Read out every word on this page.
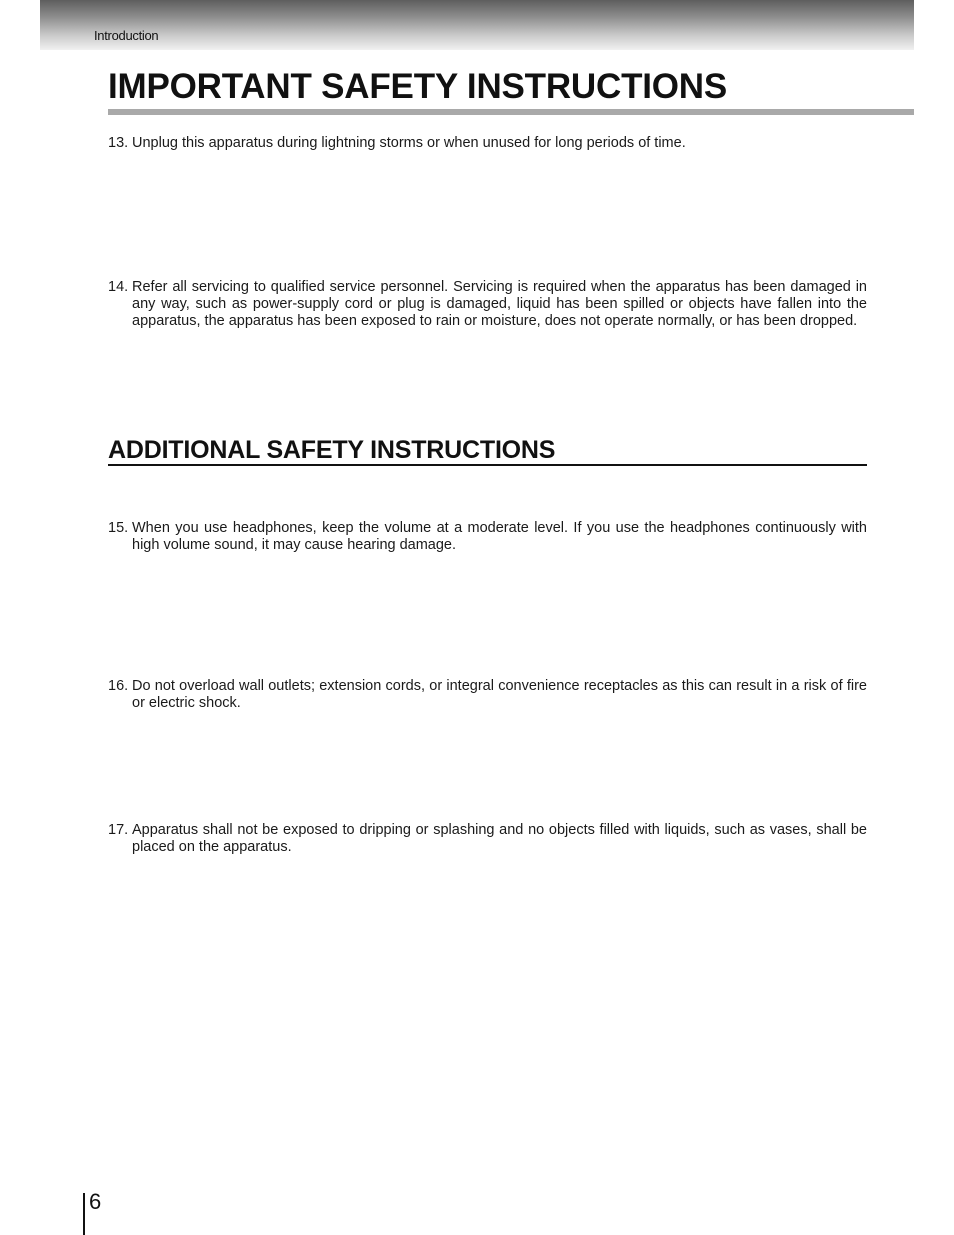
Introduction
IMPORTANT SAFETY INSTRUCTIONS
13. Unplug this apparatus during lightning storms or when unused for long periods of time.
14. Refer all servicing to qualified service personnel. Servicing is required when the apparatus has been damaged in any way, such as power-supply cord or plug is damaged, liquid has been spilled or objects have fallen into the apparatus, the apparatus has been exposed to rain or moisture, does not operate normally, or has been dropped.
ADDITIONAL SAFETY INSTRUCTIONS
15. When you use headphones, keep the volume at a moderate level. If you use the headphones continuously with high volume sound, it may cause hearing damage.
16. Do not overload wall outlets; extension cords, or integral convenience receptacles as this can result in a risk of fire or electric shock.
17. Apparatus shall not be exposed to dripping or splashing and no objects filled with liquids, such as vases, shall be placed on the apparatus.
6
